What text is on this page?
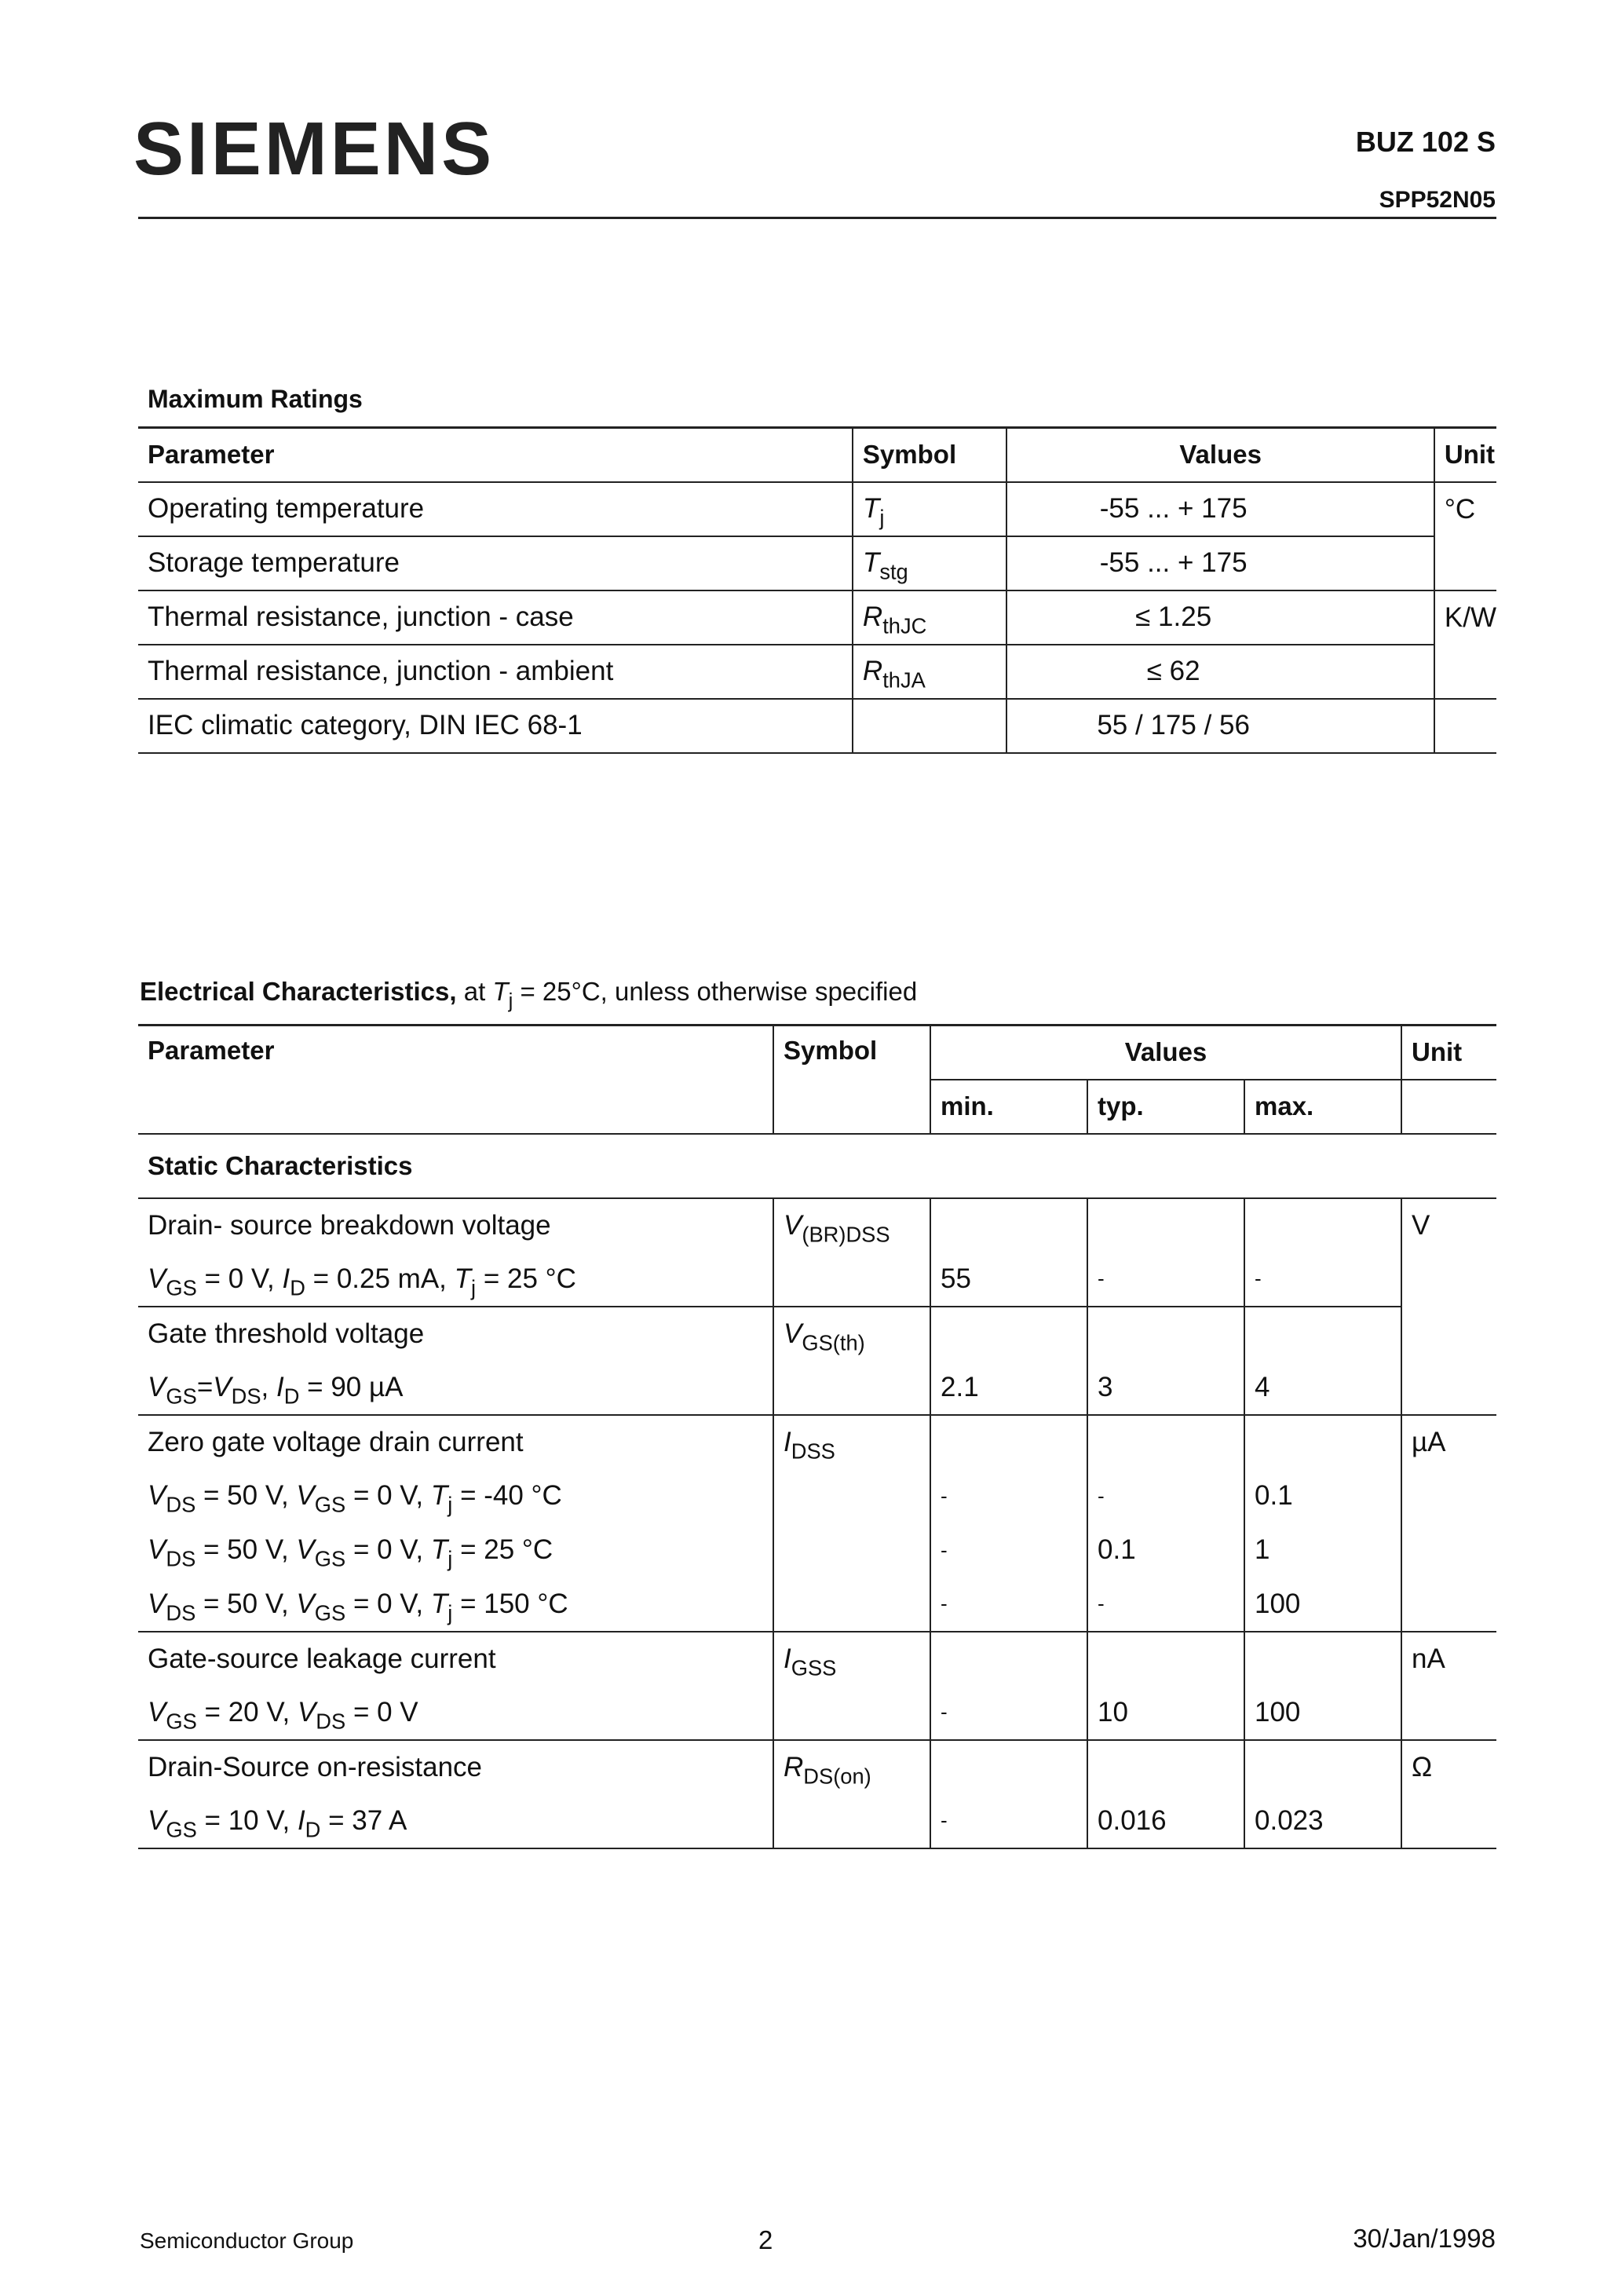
SIEMENS	BUZ 102 S
SPP52N05
Maximum Ratings
Parameter	Symbol	Values	Unit
Operating temperature	$T_j$	-55 ... + 175	°C
Storage temperature	$T_{stg}$	-55 ... + 175	
Thermal resistance, junction - case	$R_{thJC}$	≤ 1.25	K/W
Thermal resistance, junction - ambient	$R_{thJA}$	≤ 62	
IEC climatic category, DIN IEC 68-1		55 / 175 / 56	
Electrical Characteristics, at $T_j = 25^\circ C$, unless otherwise specified
Parameter	Symbol	Values			Unit
		min.	typ.	max.	
Static Characteristics					
Drain- source breakdown voltage	$V_{(BR)DSS}$				V
$V_{GS} = 0$ V, $I_D = 0.25$ mA, $T_j = 25$ °C		55	-	-	
Gate threshold voltage	$V_{GS(th)}$				
$V_{GS}=V_{DS}$, $I_D = 90$ µA		2.1	3	4	
Zero gate voltage drain current	$I_{DSS}$				µA
$V_{DS} = 50$ V, $V_{GS} = 0$ V, $T_j = -40$ °C		-	-	0.1	
$V_{DS} = 50$ V, $V_{GS} = 0$ V, $T_j = 25$ °C		-	0.1	1	
$V_{DS} = 50$ V, $V_{GS} = 0$ V, $T_j = 150$ °C		-	-	100	
Gate-source leakage current	$I_{GSS}$				nA
$V_{GS} = 20$ V, $V_{DS} = 0$ V		-	10	100	
Drain-Source on-resistance	$R_{DS(on)}$				Ω
$V_{GS} = 10$ V, $I_D = 37$ A		-	0.016	0.023	
Semiconductor Group	2	30/Jan/1998
